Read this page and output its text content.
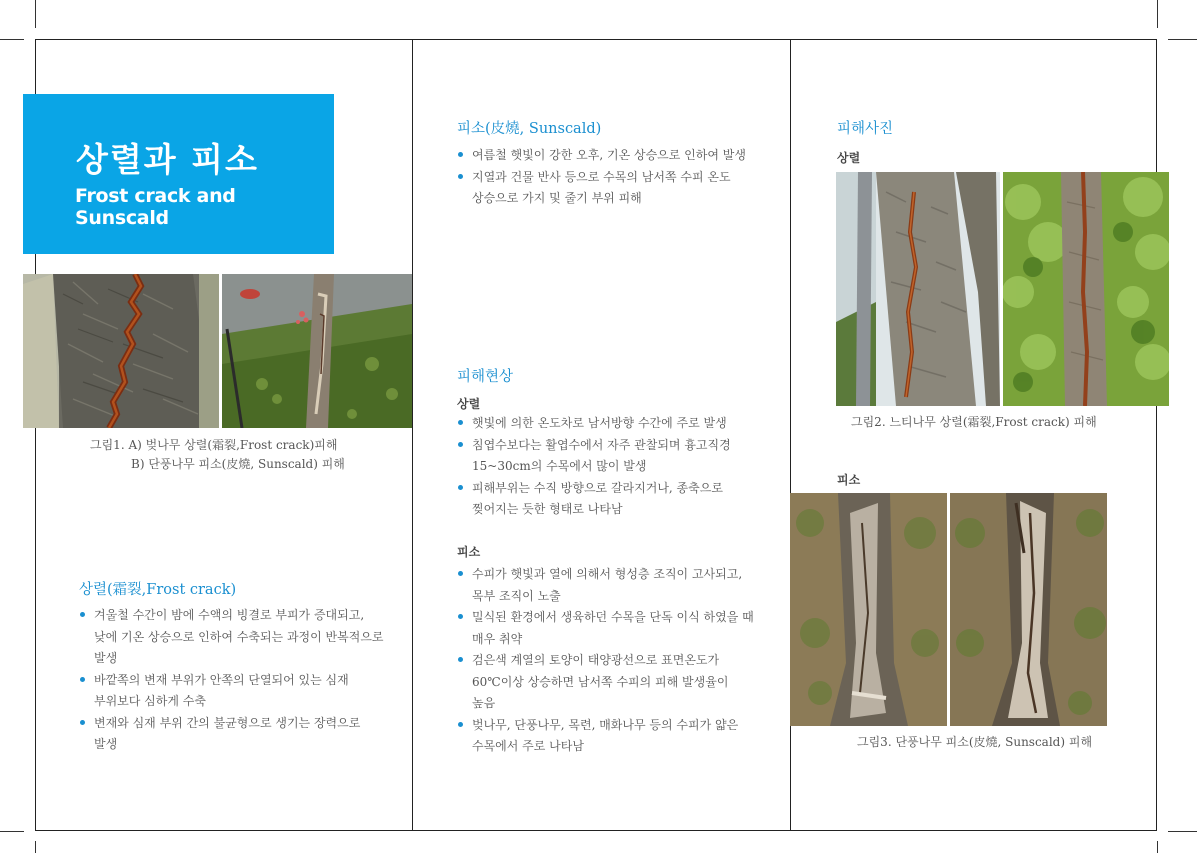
상렬과 피소
Frost crack and Sunscald
그림1. A) 벚나무 상렬(霜裂,Frost crack)피해
B) 단풍나무 피소(皮燒, Sunscald) 피해
상렬(霜裂,Frost crack)
겨울철 수간이 밤에 수액의 빙결로 부피가 증대되고,
낮에 기온 상승으로 인하여 수축되는 과정이 반복적으로
발생
바깥쪽의 변재 부위가 안쪽의 단열되어 있는 심재
부위보다 심하게 수축
변재와 심재 부위 간의 불균형으로 생기는 장력으로
발생
피소(皮燒, Sunscald)
여름철 햇빛이 강한 오후, 기온 상승으로 인하여 발생
지열과 건물 반사 등으로 수목의 남서쪽 수피 온도
상승으로 가지 및 줄기 부위 피해
피해현상
상렬
햇빛에 의한 온도차로 남서방향 수간에 주로 발생
침엽수보다는 활엽수에서 자주 관찰되며 흉고직경
15~30cm의 수목에서 많이 발생
피해부위는 수직 방향으로 갈라지거나, 종축으로
찢어지는 듯한 형태로 나타남
피소
수피가 햇빛과 열에 의해서 형성층 조직이 고사되고,
목부 조직이 노출
밀식된 환경에서 생육하던 수목을 단독 이식 하였을 때
매우 취약
검은색 계열의 토양이 태양광선으로 표면온도가
60℃이상 상승하면 남서쪽 수피의 피해 발생율이
높음
벚나무, 단풍나무, 목련, 매화나무 등의 수피가 얇은
수목에서 주로 나타남
피해사진
상렬
그림2. 느티나무 상렬(霜裂,Frost crack) 피해
피소
그림3. 단풍나무 피소(皮燒, Sunscald) 피해
